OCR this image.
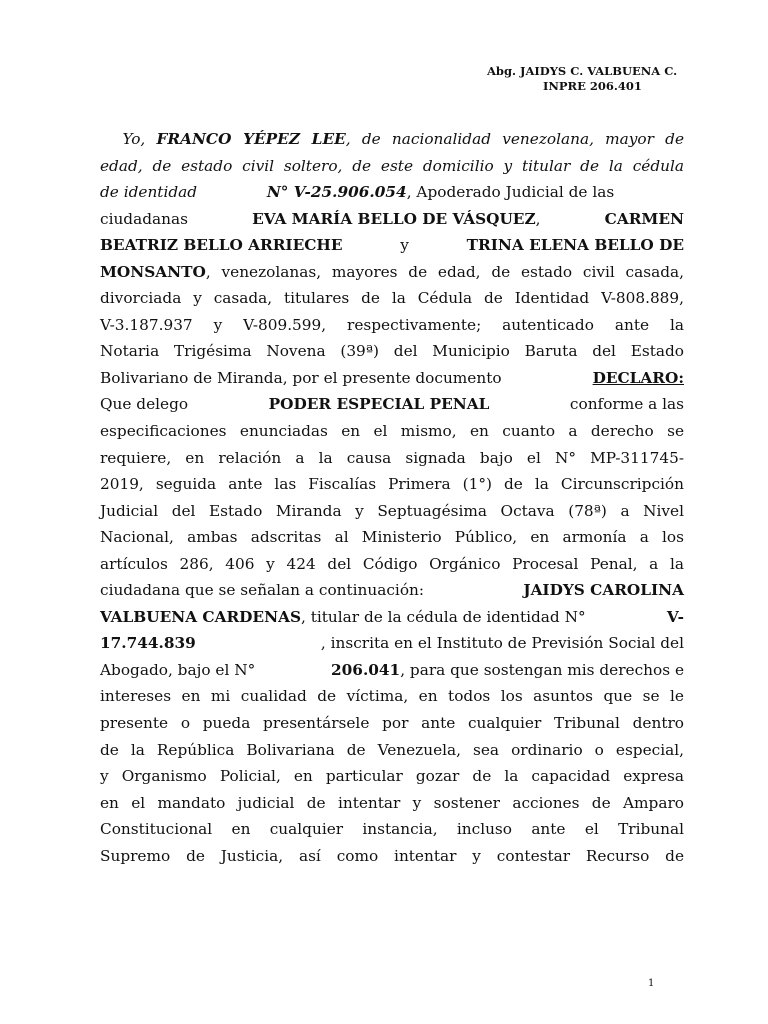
Abg. JAIDYS C. VALBUENA C.
INPRE 206.401
Yo, FRANCO YÉPEZ LEE, de nacionalidad venezolana, mayor de
edad, de estado civil soltero, de este domicilio y titular de la cédula
de identidad	N° V-25.906.054, Apoderado Judicial de las
ciudadanas	EVA MARÍA BELLO DE VÁSQUEZ,	CARMEN
BEATRIZ BELLO ARRIECHE	y	TRINA ELENA BELLO DE
MONSANTO, venezolanas, mayores de edad, de estado civil casada,
divorciada y casada, titulares de la Cédula de Identidad V-808.889,
V-3.187.937 y V-809.599, respectivamente; autenticado ante la
Notaria Trigésima Novena (39ª) del Municipio Baruta del Estado
Bolivariano de Miranda, por el presente documento	DECLARO:
Que delego	PODER ESPECIAL PENAL	conforme a las
especificaciones enunciadas en el mismo, en cuanto a derecho se
requiere, en relación a la causa signada bajo el N° MP-311745-
2019, seguida ante las Fiscalías Primera (1°) de la Circunscripción
Judicial del Estado Miranda y Septuagésima Octava (78ª) a Nivel
Nacional, ambas adscritas al Ministerio Público, en armonía a los
artículos 286, 406 y 424 del Código Orgánico Procesal Penal, a la
ciudadana que se señalan a continuación:	JAIDYS CAROLINA
VALBUENA CARDENAS, titular de la cédula de identidad N°	V-
17.744.839	, inscrita en el Instituto de Previsión Social del
Abogado, bajo el N°	206.041, para que sostengan mis derechos e
intereses en mi cualidad de víctima, en todos los asuntos que se le
presente o pueda presentársele por ante cualquier Tribunal dentro
de la República Bolivariana de Venezuela, sea ordinario o especial,
y Organismo Policial, en particular gozar de la capacidad expresa
en el mandato judicial de intentar y sostener acciones de Amparo
Constitucional en cualquier instancia, incluso ante el Tribunal
Supremo de Justicia, así como intentar y contestar Recurso de
1
